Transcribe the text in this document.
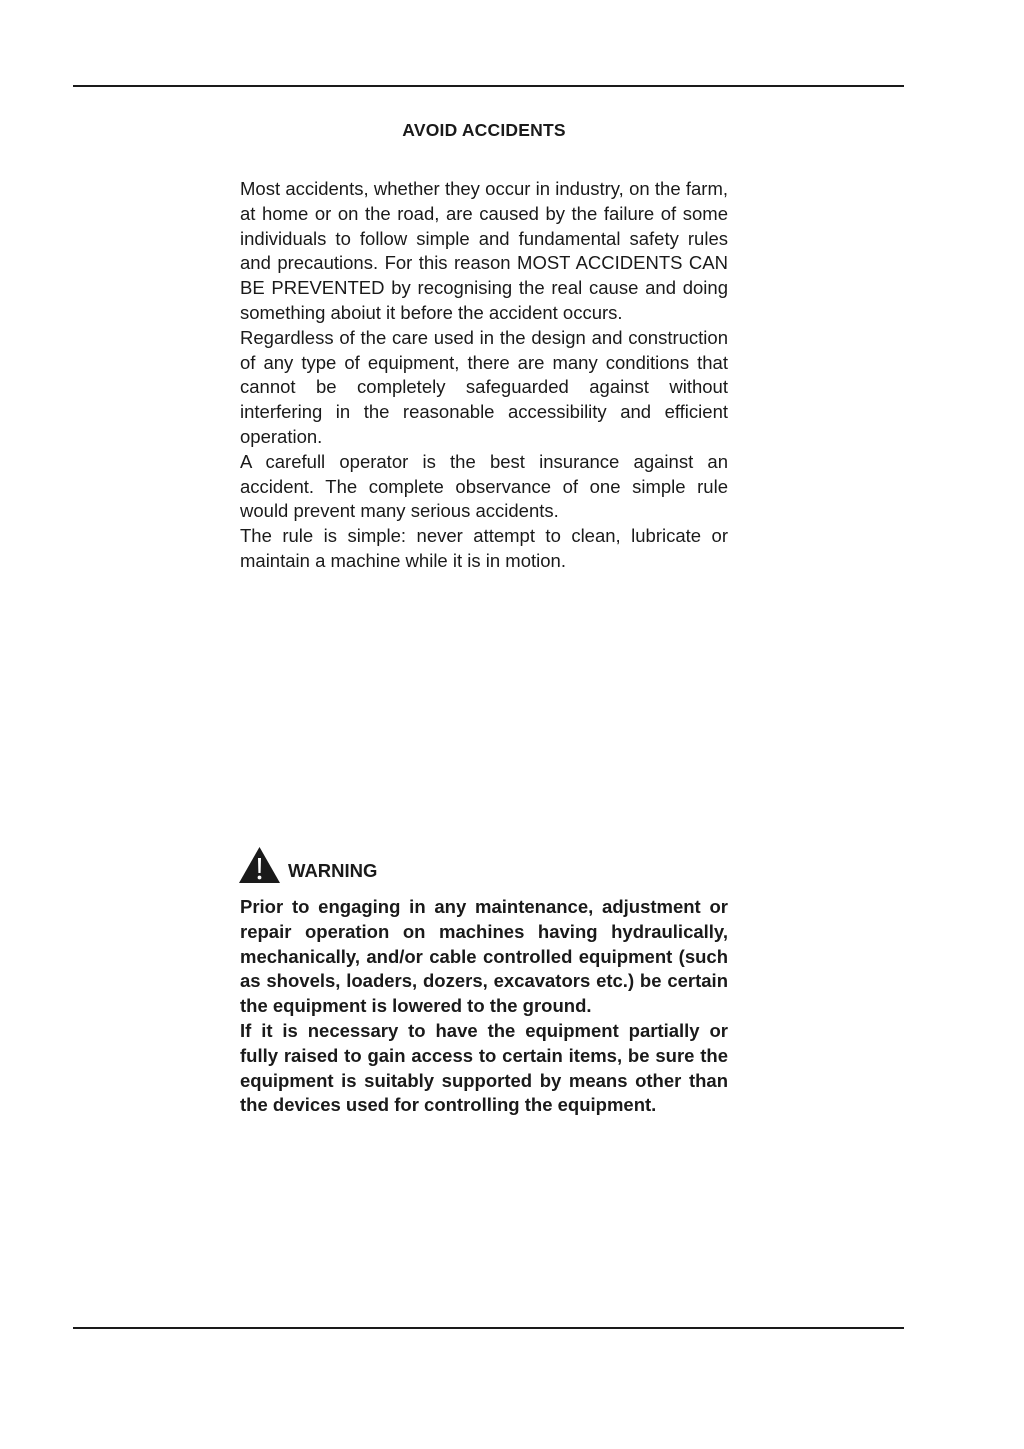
AVOID ACCIDENTS

Most accidents, whether they occur in industry, on the farm, at home or on the road, are caused by the failure of some individuals to follow simple and fundamental safety rules and precautions. For this reason MOST ACCIDENTS CAN BE PREVENTED by recognising the real cause and doing something aboiut it before the accident occurs.

Regardless of the care used in the design and construction of any type of equipment, there are many conditions that cannot be completely safeguarded against without interfering in the reasonable accessibility and efficient operation.

A carefull operator is the best insurance against an accident. The complete observance of one simple rule would prevent many serious accidents.

The rule is simple: never attempt to clean, lubricate or maintain a machine while it is in motion.

WARNING

Prior to engaging in any maintenance, adjustment or repair operation on machines having hydraulically, mechanically, and/or cable controlled equipment (such as shovels, loaders, dozers, excavators etc.) be certain the equipment is lowered to the ground.

If it is necessary to have the equipment partially or fully raised to gain access to certain items, be sure the equipment is suitably supported by means other than the devices used for controlling the equipment.
